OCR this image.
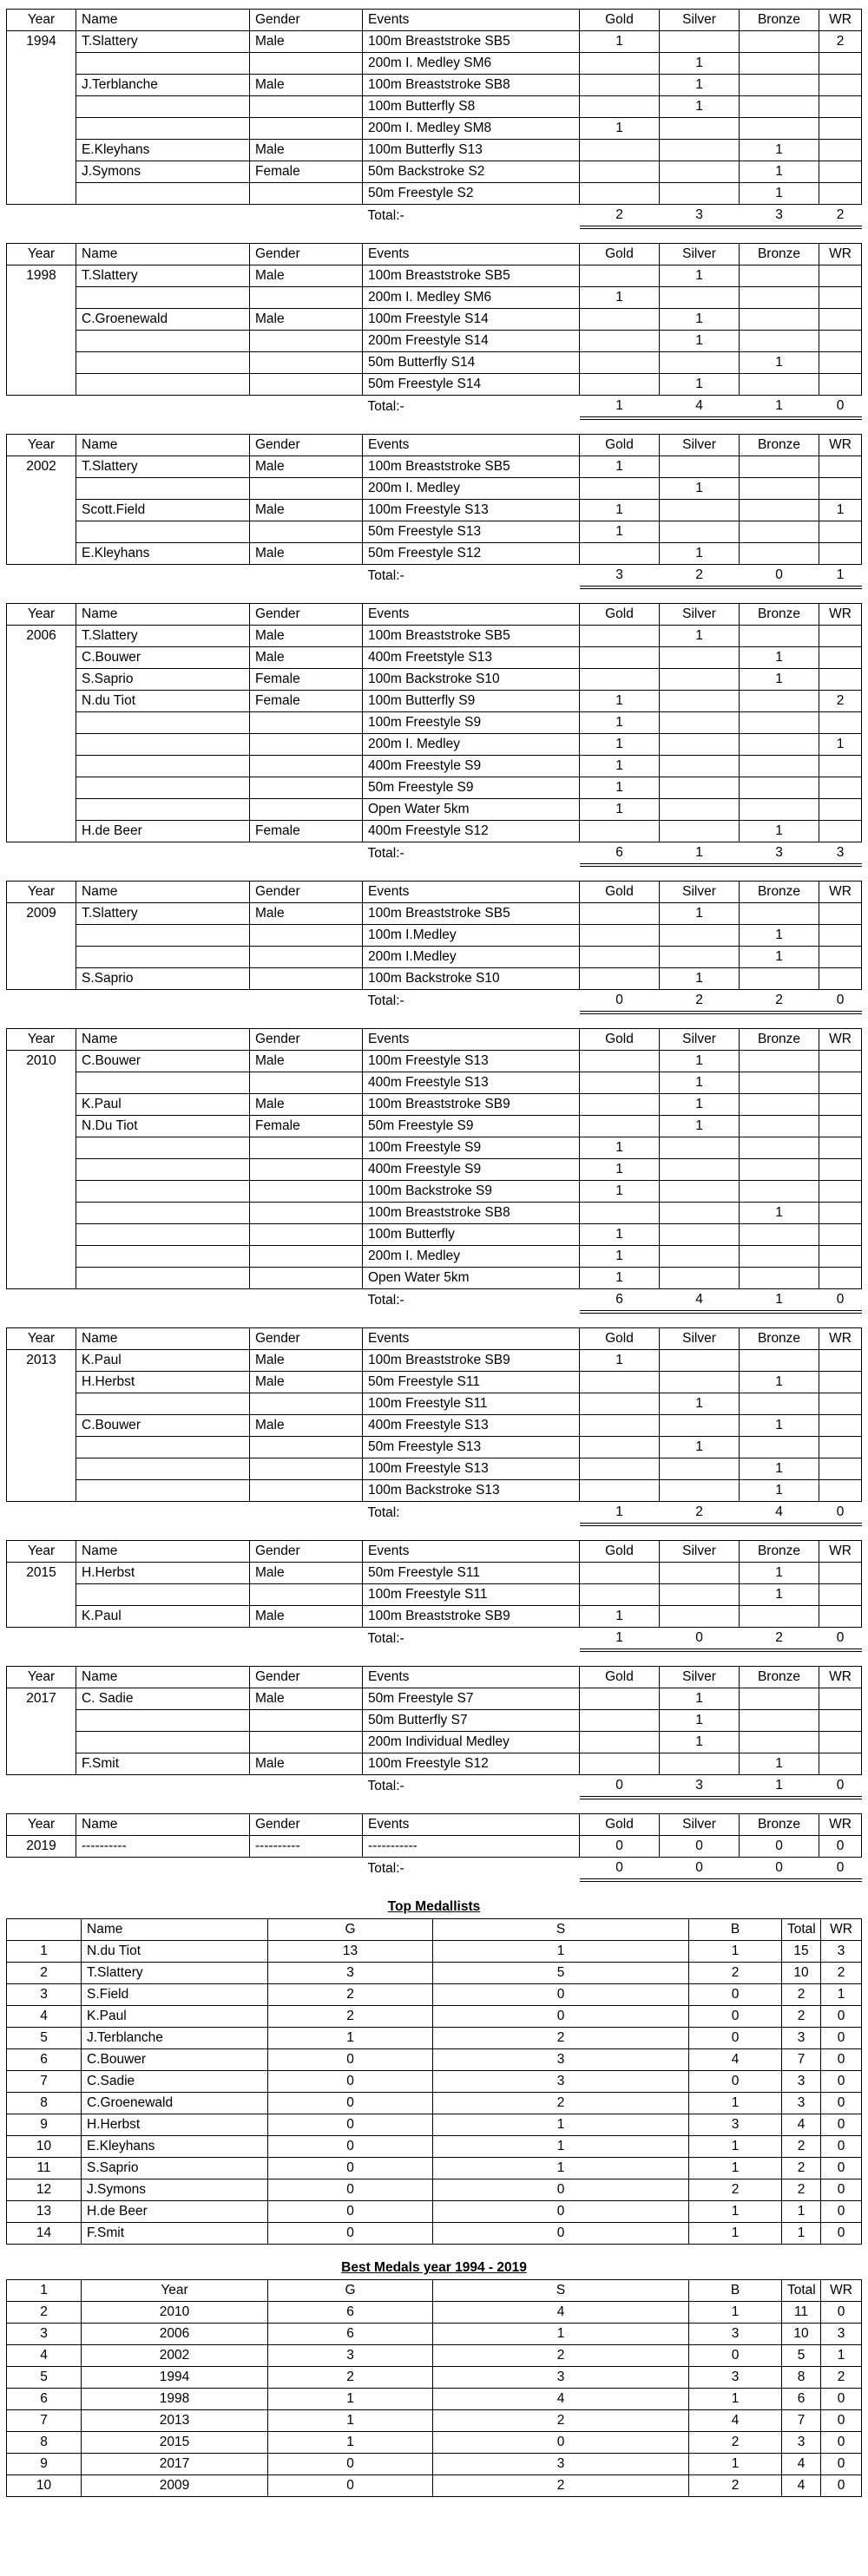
Year	Name	Gender	Events	Gold	Silver	Bronze	WR
1994	T.Slattery	Male	100m Breaststroke SB5	1			2
			200m I. Medley SM6		1		
	J.Terblanche	Male	100m Breaststroke SB8		1		
			100m Butterfly S8		1		
			200m I. Medley SM8	1			
	E.Kleyhans	Male	100m Butterfly S13			1	
	J.Symons	Female	50m Backstroke S2			1	
			50m Freestyle S2			1	
			Total:-	2	3	3	2
Year	Name	Gender	Events	Gold	Silver	Bronze	WR
1998	T.Slattery	Male	100m Breaststroke SB5		1		
			200m I. Medley SM6	1			
	C.Groenewald	Male	100m Freestyle S14		1		
			200m Freestyle S14		1		
			50m Butterfly S14			1	
			50m Freestyle S14		1		
			Total:-	1	4	1	0
Year	Name	Gender	Events	Gold	Silver	Bronze	WR
2002	T.Slattery	Male	100m Breaststroke SB5	1			
			200m I. Medley		1		
	Scott.Field	Male	100m Freestyle S13	1			1
			50m Freestyle S13	1			
	E.Kleyhans	Male	50m Freestyle S12		1		
			Total:-	3	2	0	1
Year	Name	Gender	Events	Gold	Silver	Bronze	WR
2006	T.Slattery	Male	100m Breaststroke SB5		1		
	C.Bouwer	Male	400m Freetstyle S13			1	
	S.Saprio	Female	100m Backstroke S10			1	
	N.du Tiot	Female	100m Butterfly S9	1			2
			100m Freestyle S9	1			
			200m I. Medley	1			1
			400m Freestyle S9	1			
			50m Freestyle S9	1			
			Open Water 5km	1			
	H.de Beer	Female	400m Freestyle S12			1	
			Total:-	6	1	3	3
Year	Name	Gender	Events	Gold	Silver	Bronze	WR
2009	T.Slattery	Male	100m Breaststroke SB5		1		
			100m I.Medley			1	
			200m I.Medley			1	
	S.Saprio		100m Backstroke S10		1		
			Total:-	0	2	2	0
Year	Name	Gender	Events	Gold	Silver	Bronze	WR
2010	C.Bouwer	Male	100m Freestyle S13		1		
			400m Freestyle S13		1		
	K.Paul	Male	100m Breaststroke SB9		1		
	N.Du Tiot	Female	50m Freestyle S9		1		
			100m Freestyle S9	1			
			400m Freestyle S9	1			
			100m Backstroke S9	1			
			100m Breaststroke SB8			1	
			100m Butterfly	1			
			200m I. Medley	1			
			Open Water 5km	1			
			Total:-	6	4	1	0
Year	Name	Gender	Events	Gold	Silver	Bronze	WR
2013	K.Paul	Male	100m Breaststroke SB9	1			
	H.Herbst	Male	50m Freestyle S11			1	
			100m Freestyle S11		1		
	C.Bouwer	Male	400m Freestyle S13			1	
			50m Freestyle S13		1		
			100m Freestyle S13			1	
			100m Backstroke S13			1	
			Total:	1	2	4	0
Year	Name	Gender	Events	Gold	Silver	Bronze	WR
2015	H.Herbst	Male	50m Freestyle S11			1	
			100m Freestyle S11			1	
	K.Paul	Male	100m Breaststroke SB9	1			
			Total:-	1	0	2	0
Year	Name	Gender	Events	Gold	Silver	Bronze	WR
2017	C. Sadie	Male	50m Freestyle S7		1		
			50m Butterfly S7		1		
			200m Individual Medley		1		
	F.Smit	Male	100m Freestyle S12			1	
			Total:-	0	3	1	0
Year	Name	Gender	Events	Gold	Silver	Bronze	WR
2019	----------	----------	-----------	0	0	0	0
			Total:-	0	0	0	0
Top Medallists
	Name	G	S	B	Total	WR
1	N.du Tiot	13	1	1	15	3
2	T.Slattery	3	5	2	10	2
3	S.Field	2	0	0	2	1
4	K.Paul	2	0	0	2	0
5	J.Terblanche	1	2	0	3	0
6	C.Bouwer	0	3	4	7	0
7	C.Sadie	0	3	0	3	0
8	C.Groenewald	0	2	1	3	0
9	H.Herbst	0	1	3	4	0
10	E.Kleyhans	0	1	1	2	0
11	S.Saprio	0	1	1	2	0
12	J.Symons	0	0	2	2	0
13	H.de Beer	0	0	1	1	0
14	F.Smit	0	0	1	1	0
Best Medals year 1994 - 2019
1	Year	G	S	B	Total	WR
2	2010	6	4	1	11	0
3	2006	6	1	3	10	3
4	2002	3	2	0	5	1
5	1994	2	3	3	8	2
6	1998	1	4	1	6	0
7	2013	1	2	4	7	0
8	2015	1	0	2	3	0
9	2017	0	3	1	4	0
10	2009	0	2	2	4	0
